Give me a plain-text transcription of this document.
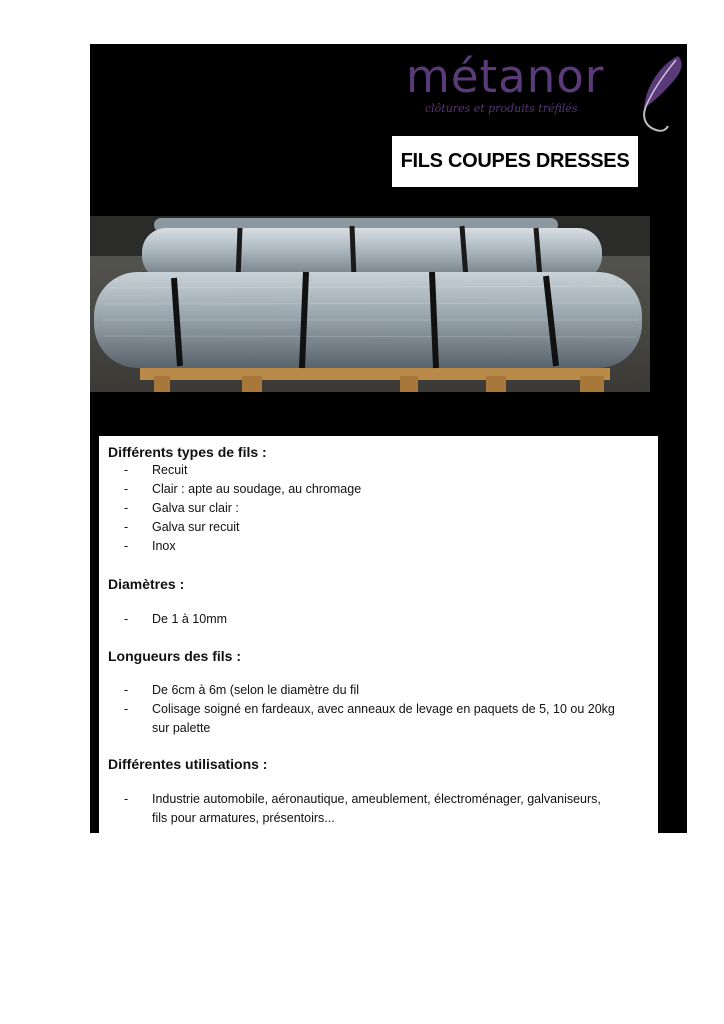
métanor
clôtures et produits tréfilés
FILS COUPES DRESSES
Différents types de fils :
- Recuit
- Clair : apte au soudage, au chromage
- Galva sur clair :
- Galva sur recuit
- Inox
Diamètres :
- De 1 à 10mm
Longueurs des fils :
- De 6cm à 6m (selon le diamètre du fil
- Colisage soigné en fardeaux, avec anneaux de levage en paquets de 5, 10 ou 20kg
sur palette
Différentes utilisations :
- Industrie automobile, aéronautique, ameublement, électroménager, galvaniseurs,
fils pour armatures, présentoirs...
